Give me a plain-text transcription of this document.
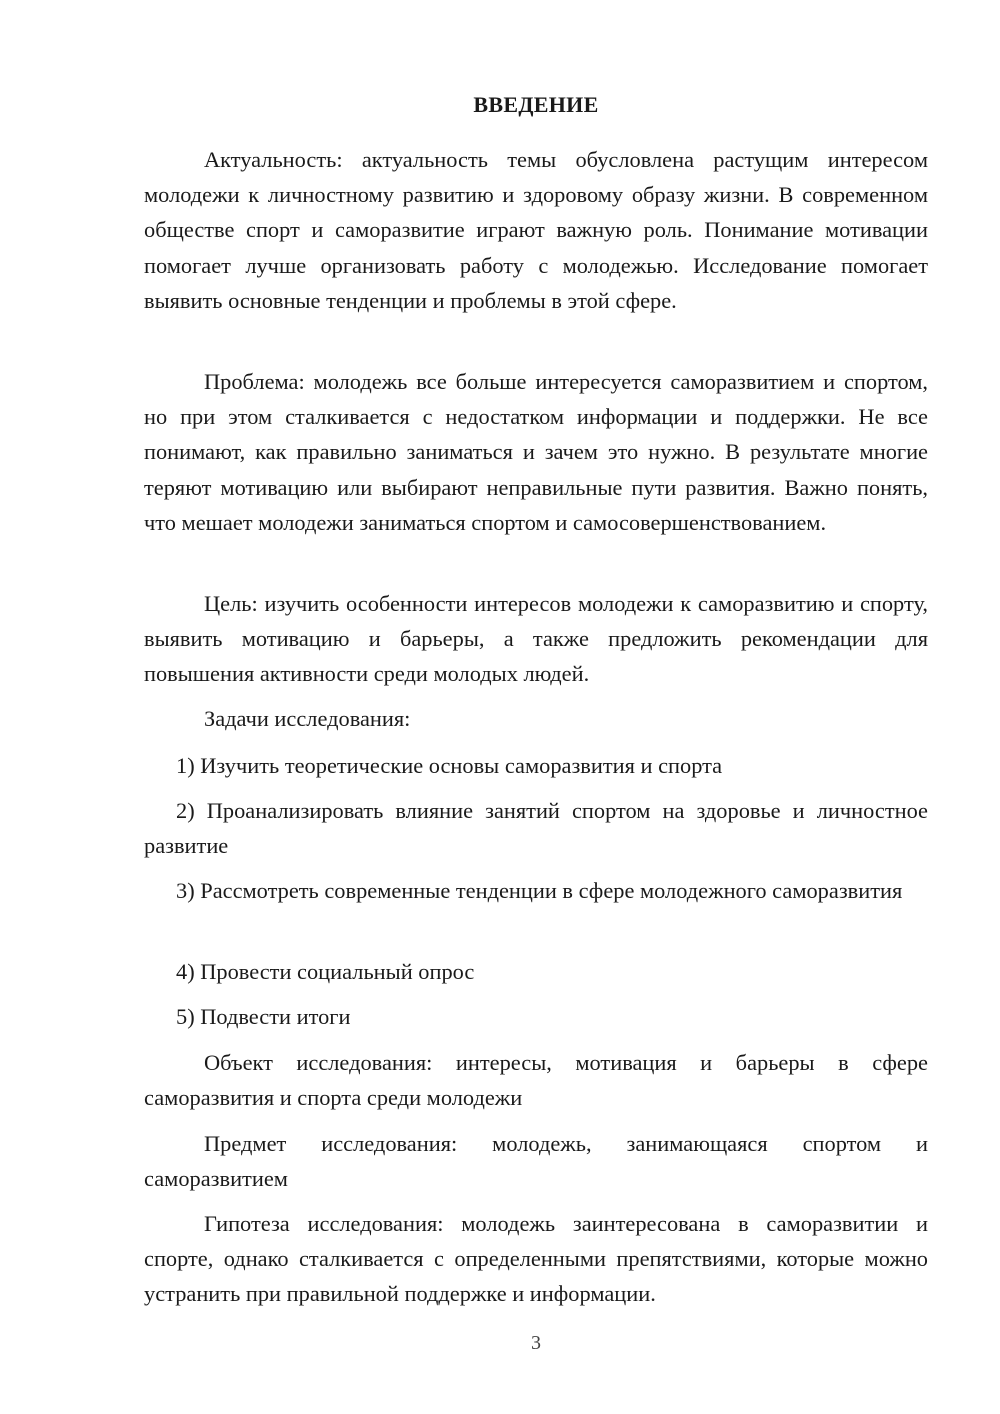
ВВЕДЕНИЕ

Актуальность: актуальность темы обусловлена растущим интересом молодежи к личностному развитию и здоровому образу жизни. В современном обществе спорт и саморазвитие играют важную роль. Понимание мотивации помогает лучше организовать работу с молодежью. Исследование помогает выявить основные тенденции и проблемы в этой сфере.

Проблема: молодежь все больше интересуется саморазвитием и спортом, но при этом сталкивается с недостатком информации и поддержки. Не все понимают, как правильно заниматься и зачем это нужно. В результате многие теряют мотивацию или выбирают неправильные пути развития. Важно понять, что мешает молодежи заниматься спортом и самосовершенствованием.

Цель: изучить особенности интересов молодежи к саморазвитию и спорту, выявить мотивацию и барьеры, а также предложить рекомендации для повышения активности среди молодых людей.

Задачи исследования:

1) Изучить теоретические основы саморазвития и спорта

2) Проанализировать влияние занятий спортом на здоровье и личностное развитие

3) Рассмотреть современные тенденции в сфере молодежного саморазвития

4) Провести социальный опрос

5) Подвести итоги

Объект исследования: интересы, мотивация и барьеры в сфере саморазвития и спорта среди молодежи

Предмет исследования: молодежь, занимающаяся спортом и саморазвитием

Гипотеза исследования: молодежь заинтересована в саморазвитии и спорте, однако сталкивается с определенными препятствиями, которые можно устранить при правильной поддержке и информации.

3
